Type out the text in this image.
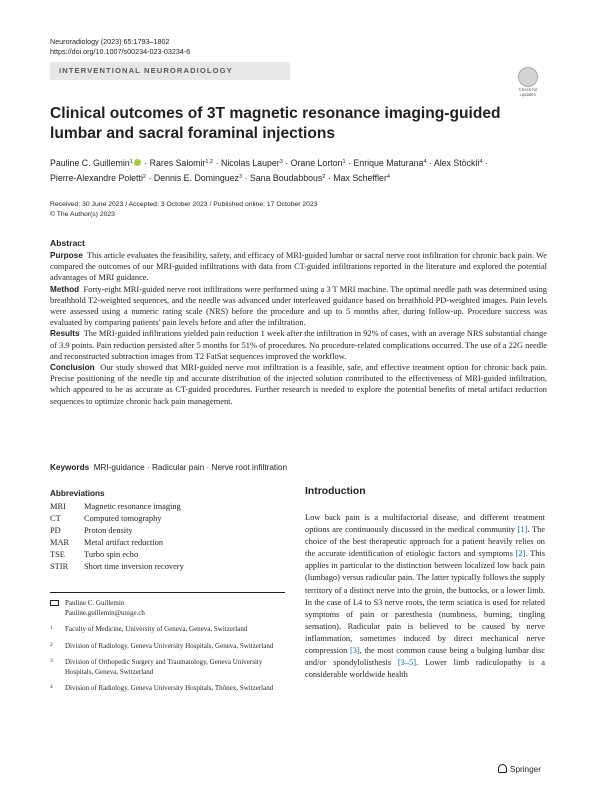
Neuroradiology (2023) 65:1793–1802
https://doi.org/10.1007/s00234-023-03234-6
INTERVENTIONAL NEURORADIOLOGY
Check for updates
Clinical outcomes of 3T magnetic resonance imaging-guided lumbar and sacral foraminal injections
Pauline C. Guillemin$^1$ · Rares Salomir$^{1,2}$ · Nicolas Lauper$^3$ · Orane Lorton$^1$ · Enrique Maturana$^4$ · Alex Stöckli$^4$ ·
Pierre-Alexandre Poletti$^2$ · Dennis E. Dominguez$^3$ · Sana Boudabbous$^2$ · Max Scheffler$^4$
Received: 30 June 2023 / Accepted: 3 October 2023 / Published online: 17 October 2023
© The Author(s) 2023
Abstract
Purpose This article evaluates the feasibility, safety, and efficacy of MRI-guided lumbar or sacral nerve root infiltration for chronic back pain. We compared the outcomes of our MRI-guided infiltrations with data from CT-guided infiltrations reported in the literature and explored the potential advantages of MRI guidance.
Method Forty-eight MRI-guided nerve root infiltrations were performed using a 3 T MRI machine. The optimal needle path was determined using breathhold T2-weighted sequences, and the needle was advanced under interleaved guidance based on breathhold PD-weighted images. Pain levels were assessed using a numeric rating scale (NRS) before the procedure and up to 5 months after, during follow-up. Procedure success was evaluated by comparing patients' pain levels before and after the infiltration.
Results The MRI-guided infiltrations yielded pain reduction 1 week after the infiltration in 92% of cases, with an average NRS substantial change of 3.9 points. Pain reduction persisted after 5 months for 51% of procedures. No procedure-related complications occurred. The use of a 22G needle and reconstructed subtraction images from T2 FatSat sequences improved the workflow.
Conclusion Our study showed that MRI-guided nerve root infiltration is a feasible, safe, and effective treatment option for chronic back pain. Precise positioning of the needle tip and accurate distribution of the injected solution contributed to the effectiveness of MRI-guided infiltration, which appeared to be as accurate as CT-guided procedures. Further research is needed to explore the potential benefits of metal artifact reduction sequences to optimize chronic back pain management.
Keywords MRI-guidance · Radicular pain · Nerve root infiltration
Abbreviations
MRI Magnetic resonance imaging
CT	Computed tomography
PD	Proton density
MAR Metal artifact reduction
TSE Turbo spin echo
STIR Short time inversion recovery
Pauline C. Guillemin
Pauline.guillemin@unige.ch
1 Faculty of Medicine, University of Geneva, Geneva, Switzerland
2 Division of Radiology, Geneva University Hospitals, Geneva, Switzerland
3 Division of Orthopedic Surgery and Traumatology, Geneva University Hospitals, Geneva, Switzerland
4 Division of Radiology, Geneva University Hospitals, Thônex, Switzerland
Introduction
Low back pain is a multifactorial disease, and different treatment options are continuously discussed in the medical community [1]. The choice of the best therapeutic approach for a patient heavily relies on the accurate identification of etiologic factors and symptoms [2]. This applies in particular to the distinction between localized low back pain (lumbago) versus radicular pain. The latter typically follows the supply territory of a distinct nerve into the groin, the buttocks, or a lower limb. In the case of L4 to S3 nerve roots, the term sciatica is used for related symptoms of pain or paresthesia (numbness, burning, tingling sensation). Radicular pain is believed to be caused by nerve inflammation, sometimes induced by direct mechanical nerve compression [3], the most common cause being a bulging lumbar disc and/or spondylolisthesis [3–5]. Lower limb radiculopathy is a considerable worldwide health
Springer
